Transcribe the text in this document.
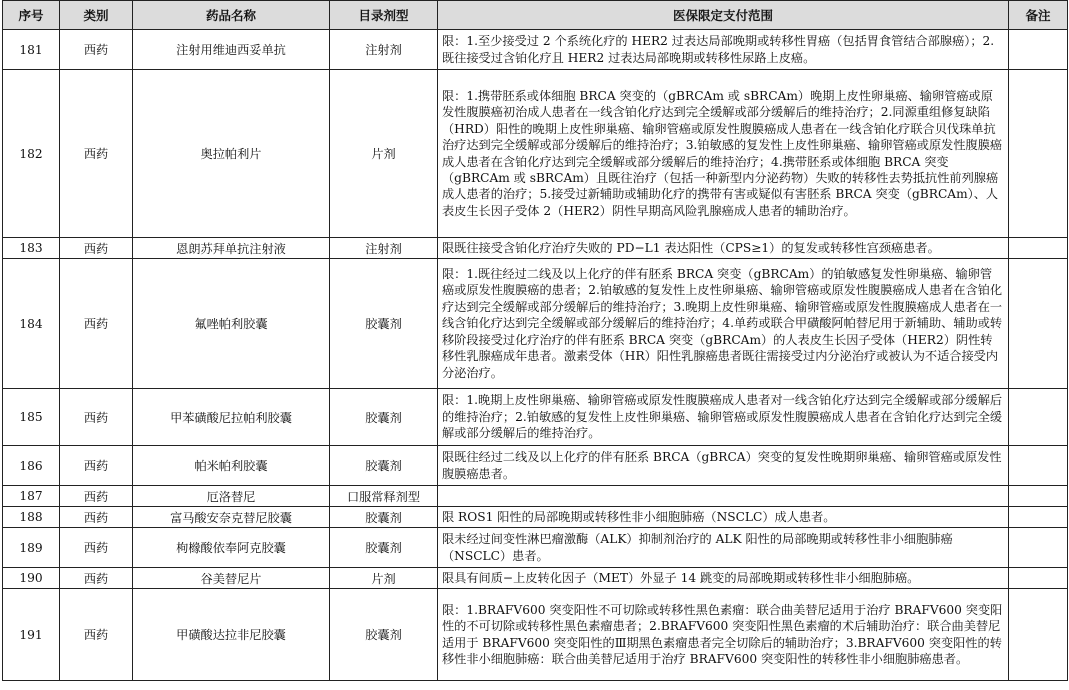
序号	类别	药品名称	目录剂型	医保限定支付范围	备注
181	西药	注射用维迪西妥单抗	注射剂	限：1.至少接受过 2 个系统化疗的 HER2 过表达局部晚期或转移性胃癌（包括胃食管结合部腺癌）；2.既往接受过含铂化疗且 HER2 过表达局部晚期或转移性尿路上皮癌。	
182	西药	奥拉帕利片	片剂	限：1.携带胚系或体细胞 BRCA 突变的（gBRCAm 或 sBRCAm）晚期上皮性卵巢癌、输卵管癌或原发性腹膜癌初治成人患者在一线含铂化疗达到完全缓解或部分缓解后的维持治疗；2.同源重组修复缺陷（HRD）阳性的晚期上皮性卵巢癌、输卵管癌或原发性腹膜癌成人患者在一线含铂化疗联合贝伐珠单抗治疗达到完全缓解或部分缓解后的维持治疗；3.铂敏感的复发性上皮性卵巢癌、输卵管癌或原发性腹膜癌成人患者在含铂化疗达到完全缓解或部分缓解后的维持治疗；4.携带胚系或体细胞 BRCA 突变（gBRCAm 或 sBRCAm）且既往治疗（包括一种新型内分泌药物）失败的转移性去势抵抗性前列腺癌成人患者的治疗；5.接受过新辅助或辅助化疗的携带有害或疑似有害胚系 BRCA 突变（gBRCAm）、人表皮生长因子受体 2（HER2）阴性早期高风险乳腺癌成人患者的辅助治疗。	
183	西药	恩朗苏拜单抗注射液	注射剂	限既往接受含铂化疗治疗失败的 PD−L1 表达阳性（CPS≥1）的复发或转移性宫颈癌患者。	
184	西药	氟唑帕利胶囊	胶囊剂	限：1.既往经过二线及以上化疗的伴有胚系 BRCA 突变（gBRCAm）的铂敏感复发性卵巢癌、输卵管癌或原发性腹膜癌的患者；2.铂敏感的复发性上皮性卵巢癌、输卵管癌或原发性腹膜癌成人患者在含铂化疗达到完全缓解或部分缓解后的维持治疗；3.晚期上皮性卵巢癌、输卵管癌或原发性腹膜癌成人患者在一线含铂化疗达到完全缓解或部分缓解后的维持治疗；4.单药或联合甲磺酸阿帕替尼用于新辅助、辅助或转移阶段接受过化疗治疗的伴有胚系 BRCA 突变（gBRCAm）的人表皮生长因子受体（HER2）阴性转移性乳腺癌成年患者。激素受体（HR）阳性乳腺癌患者既往需接受过内分泌治疗或被认为不适合接受内分泌治疗。	
185	西药	甲苯磺酸尼拉帕利胶囊	胶囊剂	限：1.晚期上皮性卵巢癌、输卵管癌或原发性腹膜癌成人患者对一线含铂化疗达到完全缓解或部分缓解后的维持治疗；2.铂敏感的复发性上皮性卵巢癌、输卵管癌或原发性腹膜癌成人患者在含铂化疗达到完全缓解或部分缓解后的维持治疗。	
186	西药	帕米帕利胶囊	胶囊剂	限既往经过二线及以上化疗的伴有胚系 BRCA（gBRCA）突变的复发性晚期卵巢癌、输卵管癌或原发性腹膜癌患者。	
187	西药	厄洛替尼	口服常释剂型		
188	西药	富马酸安奈克替尼胶囊	胶囊剂	限 ROS1 阳性的局部晚期或转移性非小细胞肺癌（NSCLC）成人患者。	
189	西药	枸橼酸依奉阿克胶囊	胶囊剂	限未经过间变性淋巴瘤激酶（ALK）抑制剂治疗的 ALK 阳性的局部晚期或转移性非小细胞肺癌（NSCLC）患者。	
190	西药	谷美替尼片	片剂	限具有间质−上皮转化因子（MET）外显子 14 跳变的局部晚期或转移性非小细胞肺癌。	
191	西药	甲磺酸达拉非尼胶囊	胶囊剂	限：1.BRAFV600 突变阳性不可切除或转移性黑色素瘤：联合曲美替尼适用于治疗 BRAFV600 突变阳性的不可切除或转移性黑色素瘤患者；2.BRAFV600 突变阳性黑色素瘤的术后辅助治疗：联合曲美替尼适用于 BRAFV600 突变阳性的Ⅲ期黑色素瘤患者完全切除后的辅助治疗；3.BRAFV600 突变阳性的转移性非小细胞肺癌：联合曲美替尼适用于治疗 BRAFV600 突变阳性的转移性非小细胞肺癌患者。	
